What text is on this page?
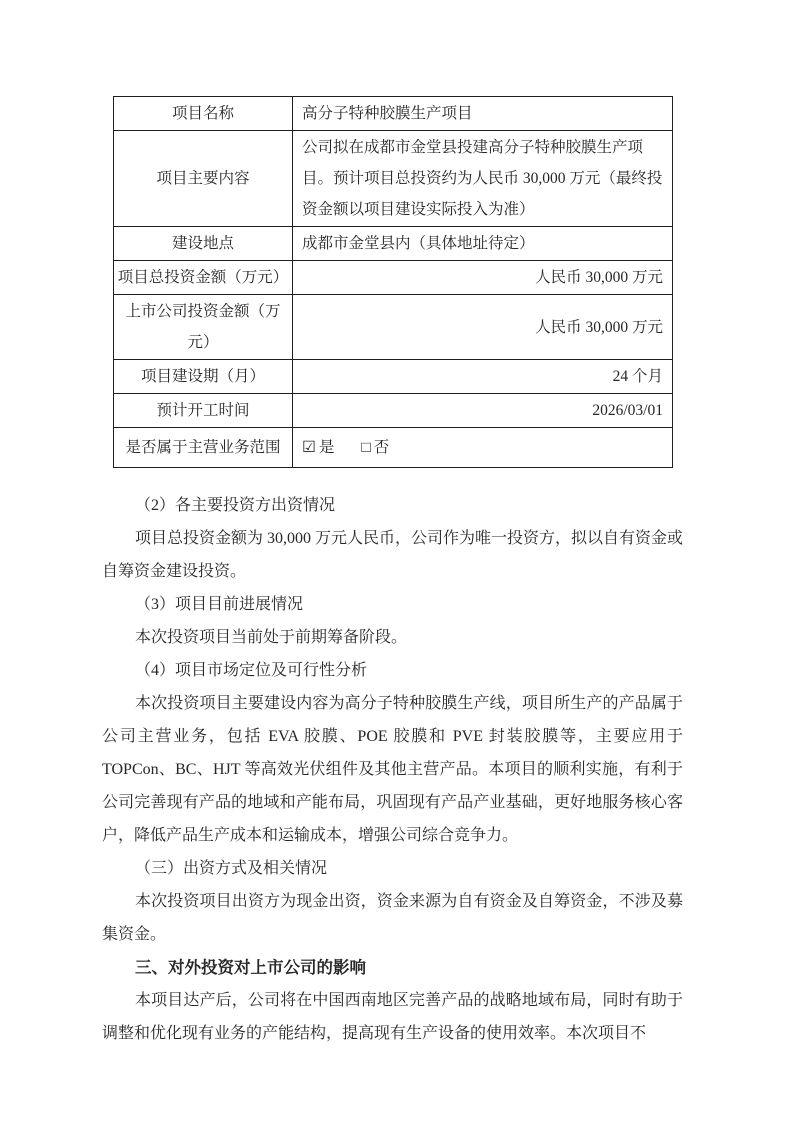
项目名称	高分子特种胶膜生产项目
项目主要内容	公司拟在成都市金堂县投建高分子特种胶膜生产项目。预计项目总投资约为人民币 30,000 万元（最终投资金额以项目建设实际投入为准）
建设地点	成都市金堂县内（具体地址待定）
项目总投资金额（万元）	人民币 30,000 万元
上市公司投资金额（万元）	人民币 30,000 万元
项目建设期（月）	24 个月
预计开工时间	2026/03/01
是否属于主营业务范围	☑ 是 □ 否

（2）各主要投资方出资情况

项目总投资金额为 30,000 万元人民币，公司作为唯一投资方，拟以自有资金或自筹资金建设投资。

（3）项目目前进展情况

本次投资项目当前处于前期筹备阶段。

（4）项目市场定位及可行性分析

本次投资项目主要建设内容为高分子特种胶膜生产线，项目所生产的产品属于公司主营业务，包括 EVA 胶膜、POE 胶膜和 PVE 封装胶膜等，主要应用于 TOPCon、BC、HJT 等高效光伏组件及其他主营产品。本项目的顺利实施，有利于公司完善现有产品的地域和产能布局，巩固现有产品产业基础，更好地服务核心客户，降低产品生产成本和运输成本，增强公司综合竞争力。

（三）出资方式及相关情况

本次投资项目出资方为现金出资，资金来源为自有资金及自筹资金，不涉及募集资金。

三、对外投资对上市公司的影响

本项目达产后，公司将在中国西南地区完善产品的战略地域布局，同时有助于调整和优化现有业务的产能结构，提高现有生产设备的使用效率。本次项目不
